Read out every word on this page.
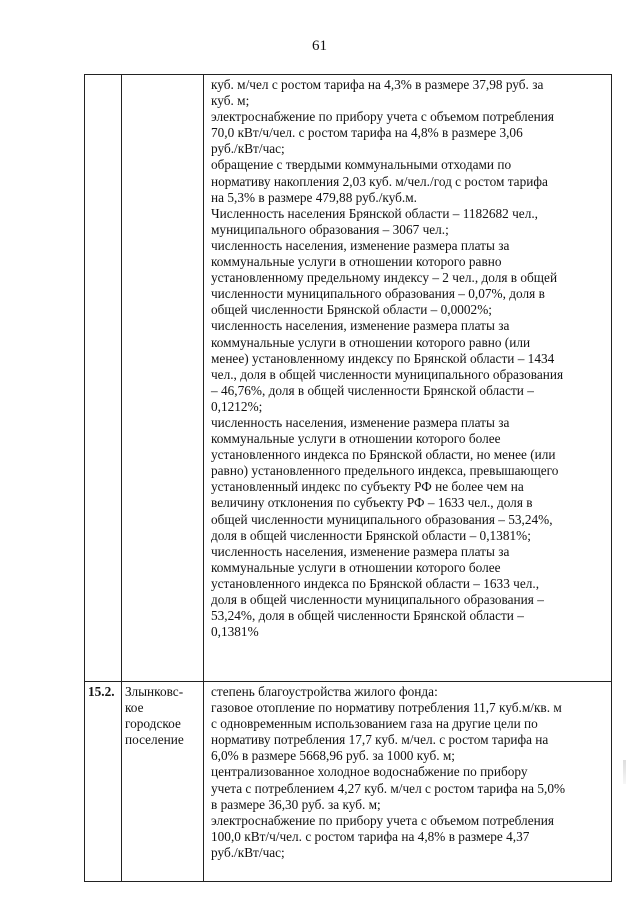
61
куб. м/чел с ростом тарифа на 4,3% в размере 37,98 руб. за
куб. м;
электроснабжение по прибору учета с объемом потребления
70,0 кВт/ч/чел. с ростом тарифа на 4,8% в размере 3,06
руб./кВт/час;
обращение с твердыми коммунальными отходами по
нормативу накопления 2,03 куб. м/чел./год с ростом тарифа
на 5,3% в размере 479,88 руб./куб.м.
Численность населения Брянской области – 1182682 чел.,
муниципального образования – 3067 чел.;
численность населения, изменение размера платы за
коммунальные услуги в отношении которого равно
установленному предельному индексу – 2 чел., доля в общей
численности муниципального образования – 0,07%, доля в
общей численности Брянской области – 0,0002%;
численность населения, изменение размера платы за
коммунальные услуги в отношении которого равно (или
менее) установленному индексу по Брянской области – 1434
чел., доля в общей численности муниципального образования
– 46,76%, доля в общей численности Брянской области –
0,1212%;
численность населения, изменение размера платы за
коммунальные услуги в отношении которого более
установленного индекса по Брянской области, но менее (или
равно) установленного предельного индекса, превышающего
установленный индекс по субъекту РФ не более чем на
величину отклонения по субъекту РФ – 1633 чел., доля в
общей численности муниципального образования – 53,24%,
доля в общей численности Брянской области – 0,1381%;
численность населения, изменение размера платы за
коммунальные услуги в отношении которого более
установленного индекса по Брянской области – 1633 чел.,
доля в общей численности муниципального образования –
53,24%, доля в общей численности Брянской области –
0,1381%
15.2. Злынковс-
кое
городское
поселение
степень благоустройства жилого фонда:
газовое отопление по нормативу потребления 11,7 куб.м/кв. м
с одновременным использованием газа на другие цели по
нормативу потребления 17,7 куб. м/чел. с ростом тарифа на
6,0% в размере 5668,96 руб. за 1000 куб. м;
централизованное холодное водоснабжение по прибору
учета с потреблением 4,27 куб. м/чел с ростом тарифа на 5,0%
в размере 36,30 руб. за куб. м;
электроснабжение по прибору учета с объемом потребления
100,0 кВт/ч/чел. с ростом тарифа на 4,8% в размере 4,37
руб./кВт/час;
